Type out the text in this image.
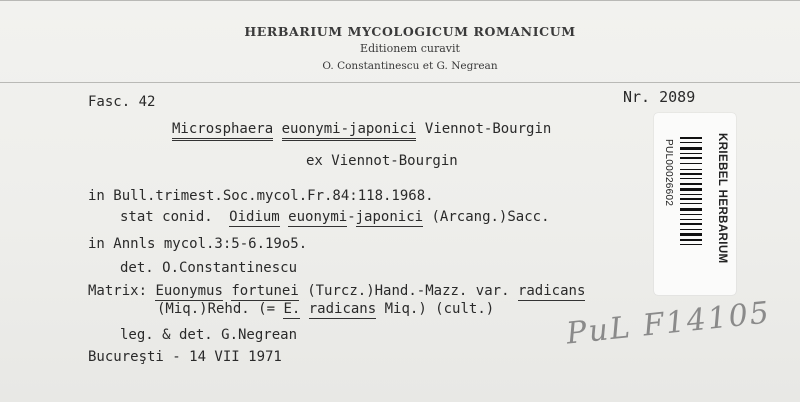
HERBARIUM MYCOLOGICUM ROMANICUM
Editionem curavit
O. Constantinescu et G. Negrean
Fasc. 42	Nr. 2089
Microsphaera euonymi-japonici Viennot-Bourgin
ex Viennot-Bourgin
in Bull.trimest.Soc.mycol.Fr.84:118.1968.
stat conid. Oidium euonymi-japonici (Arcang.)Sacc.
in Annls mycol.3:5-6.19o5.
det. O.Constantinescu
Matrix: Euonymus fortunei (Turcz.)Hand.-Mazz. var. radicans
(Miq.)Rehd. (= E. radicans Miq.) (cult.)
leg. & det. G.Negrean
Bucureşti - 14 VII 1971
PUL00026602	KRIEBEL HERBARIUM
PuL F14105
